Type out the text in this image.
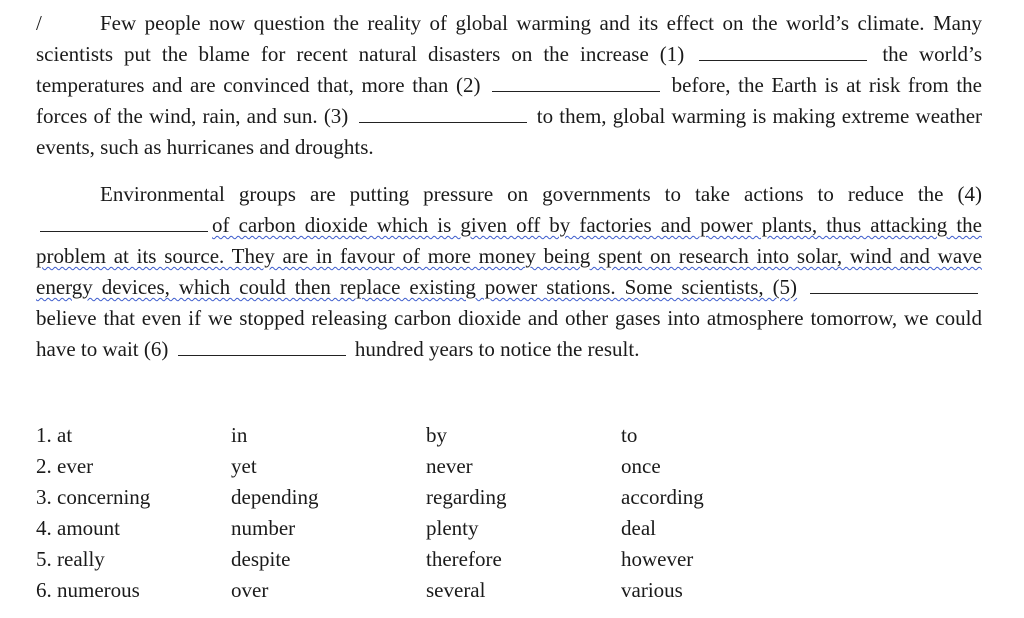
/	Few people now question the reality of global warming and its effect on the world’s climate. Many scientists put the blame for recent natural disasters on the increase (1)	the world’s temperatures and are convinced that, more than (2)	before, the Earth is at risk from the forces of the wind, rain, and sun. (3)	to them, global warming is making extreme weather events, such as hurricanes and droughts.

Environmental groups are putting pressure on governments to take actions to reduce the (4) of carbon dioxide which is given off by factories and power plants, thus attacking the problem at its source. They are in favour of more money being spent on research into solar, wind and wave energy devices, which could then replace existing power stations. Some scientists, (5)  believe that even if we stopped releasing carbon dioxide and other gases into atmosphere tomorrow, we could have to wait (6)	hundred years to notice the result.

1. at	in	by	to
2. ever	yet	never	once
3. concerning	depending	regarding	according
4. amount	number	plenty	deal
5. really	despite	therefore	however
6. numerous	over	several	various
